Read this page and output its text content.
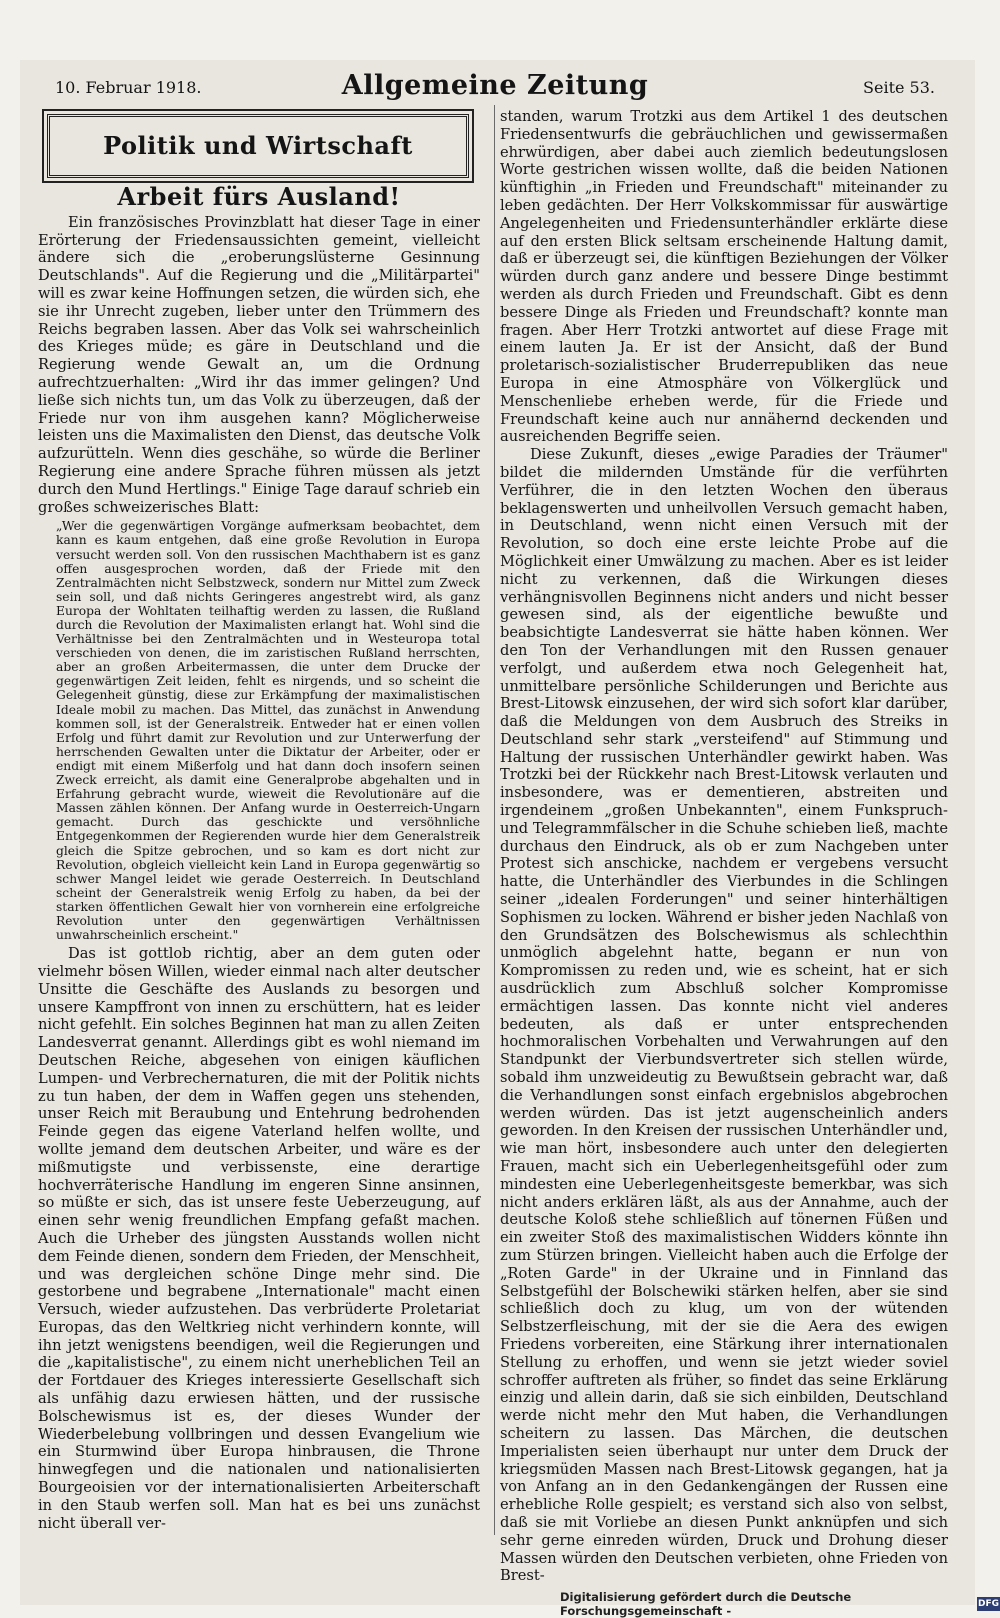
10. Februar 1918.	Allgemeine Zeitung	Seite 53.
Politik und Wirtschaft
Arbeit fürs Ausland!

Ein französisches Provinzblatt hat dieser Tage in einer Erörterung der Friedensaussichten gemeint, vielleicht ändere sich die „eroberungslüsterne Gesinnung Deutschlands". Auf die Regierung und die „Militärpartei" will es zwar keine Hoffnungen setzen, die würden sich, ehe sie ihr Unrecht zugeben, lieber unter den Trümmern des Reichs begraben lassen. Aber das Volk sei wahrscheinlich des Krieges müde; es gäre in Deutschland und die Regierung wende Gewalt an, um die Ordnung aufrechtzuerhalten: „Wird ihr das immer gelingen? Und ließe sich nichts tun, um das Volk zu überzeugen, daß der Friede nur von ihm ausgehen kann? Möglicherweise leisten uns die Maximalisten den Dienst, das deutsche Volk aufzurütteln. Wenn dies geschähe, so würde die Berliner Regierung eine andere Sprache führen müssen als jetzt durch den Mund Hertlings." Einige Tage darauf schrieb ein großes schweizerisches Blatt:

„Wer die gegenwärtigen Vorgänge aufmerksam beobachtet, dem kann es kaum entgehen, daß eine große Revolution in Europa versucht werden soll. Von den russischen Machthabern ist es ganz offen ausgesprochen worden, daß der Friede mit den Zentralmächten nicht Selbstzweck, sondern nur Mittel zum Zweck sein soll, und daß nichts Geringeres angestrebt wird, als ganz Europa der Wohltaten teilhaftig werden zu lassen, die Rußland durch die Revolution der Maximalisten erlangt hat. Wohl sind die Verhältnisse bei den Zentralmächten und in Westeuropa total verschieden von denen, die im zaristischen Rußland herrschten, aber an großen Arbeitermassen, die unter dem Drucke der gegenwärtigen Zeit leiden, fehlt es nirgends, und so scheint die Gelegenheit günstig, diese zur Erkämpfung der maximalistischen Ideale mobil zu machen. Das Mittel, das zunächst in Anwendung kommen soll, ist der Generalstreik. Entweder hat er einen vollen Erfolg und führt damit zur Revolution und zur Unterwerfung der herrschenden Gewalten unter die Diktatur der Arbeiter, oder er endigt mit einem Mißerfolg und hat dann doch insofern seinen Zweck erreicht, als damit eine Generalprobe abgehalten und in Erfahrung gebracht wurde, wieweit die Revolutionäre auf die Massen zählen können. Der Anfang wurde in Oesterreich-Ungarn gemacht. Durch das geschickte und versöhnliche Entgegenkommen der Regierenden wurde hier dem Generalstreik gleich die Spitze gebrochen, und so kam es dort nicht zur Revolution, obgleich vielleicht kein Land in Europa gegenwärtig so schwer Mangel leidet wie gerade Oesterreich. In Deutschland scheint der Generalstreik wenig Erfolg zu haben, da bei der starken öffentlichen Gewalt hier von vornherein eine erfolgreiche Revolution unter den gegenwärtigen Verhältnissen unwahrscheinlich erscheint."

Das ist gottlob richtig, aber an dem guten oder vielmehr bösen Willen, wieder einmal nach alter deutscher Unsitte die Geschäfte des Auslands zu besorgen und unsere Kampffront von innen zu erschüttern, hat es leider nicht gefehlt. Ein solches Beginnen hat man zu allen Zeiten Landesverrat genannt. Allerdings gibt es wohl niemand im Deutschen Reiche, abgesehen von einigen käuflichen Lumpen- und Verbrechernaturen, die mit der Politik nichts zu tun haben, der dem in Waffen gegen uns stehenden, unser Reich mit Beraubung und Entehrung bedrohenden Feinde gegen das eigene Vaterland helfen wollte, und wollte jemand dem deutschen Arbeiter, und wäre es der mißmutigste und verbissenste, eine derartige hochverräterische Handlung im engeren Sinne ansinnen, so müßte er sich, das ist unsere feste Ueberzeugung, auf einen sehr wenig freundlichen Empfang gefaßt machen. Auch die Urheber des jüngsten Ausstands wollen nicht dem Feinde dienen, sondern dem Frieden, der Menschheit, und was dergleichen schöne Dinge mehr sind. Die gestorbene und begrabene „Internationale" macht einen Versuch, wieder aufzustehen. Das verbrüderte Proletariat Europas, das den Weltkrieg nicht verhindern konnte, will ihn jetzt wenigstens beendigen, weil die Regierungen und die „kapitalistische", zu einem nicht unerheblichen Teil an der Fortdauer des Krieges interessierte Gesellschaft sich als unfähig dazu erwiesen hätten, und der russische Bolschewismus ist es, der dieses Wunder der Wiederbelebung vollbringen und dessen Evangelium wie ein Sturmwind über Europa hinbrausen, die Throne hinwegfegen und die nationalen und nationalisierten Bourgeoisien vor der internationalisierten Arbeiterschaft in den Staub werfen soll. Man hat es bei uns zunächst nicht überall ver-

standen, warum Trotzki aus dem Artikel 1 des deutschen Friedensentwurfs die gebräuchlichen und gewissermaßen ehrwürdigen, aber dabei auch ziemlich bedeutungslosen Worte gestrichen wissen wollte, daß die beiden Nationen künftighin „in Frieden und Freundschaft" miteinander zu leben gedächten. Der Herr Volkskommissar für auswärtige Angelegenheiten und Friedensunterhändler erklärte diese auf den ersten Blick seltsam erscheinende Haltung damit, daß er überzeugt sei, die künftigen Beziehungen der Völker würden durch ganz andere und bessere Dinge bestimmt werden als durch Frieden und Freundschaft. Gibt es denn bessere Dinge als Frieden und Freundschaft? konnte man fragen. Aber Herr Trotzki antwortet auf diese Frage mit einem lauten Ja. Er ist der Ansicht, daß der Bund proletarisch-sozialistischer Bruderrepubliken das neue Europa in eine Atmosphäre von Völkerglück und Menschenliebe erheben werde, für die Friede und Freundschaft keine auch nur annähernd deckenden und ausreichenden Begriffe seien.

Diese Zukunft, dieses „ewige Paradies der Träumer" bildet die mildernden Umstände für die verführten Verführer, die in den letzten Wochen den überaus beklagenswerten und unheilvollen Versuch gemacht haben, in Deutschland, wenn nicht einen Versuch mit der Revolution, so doch eine erste leichte Probe auf die Möglichkeit einer Umwälzung zu machen. Aber es ist leider nicht zu verkennen, daß die Wirkungen dieses verhängnisvollen Beginnens nicht anders und nicht besser gewesen sind, als der eigentliche bewußte und beabsichtigte Landesverrat sie hätte haben können. Wer den Ton der Verhandlungen mit den Russen genauer verfolgt, und außerdem etwa noch Gelegenheit hat, unmittelbare persönliche Schilderungen und Berichte aus Brest-Litowsk einzusehen, der wird sich sofort klar darüber, daß die Meldungen von dem Ausbruch des Streiks in Deutschland sehr stark „versteifend" auf Stimmung und Haltung der russischen Unterhändler gewirkt haben. Was Trotzki bei der Rückkehr nach Brest-Litowsk verlauten und insbesondere, was er dementieren, abstreiten und irgendeinem „großen Unbekannten", einem Funkspruch- und Telegrammfälscher in die Schuhe schieben ließ, machte durchaus den Eindruck, als ob er zum Nachgeben unter Protest sich anschicke, nachdem er vergebens versucht hatte, die Unterhändler des Vierbundes in die Schlingen seiner „idealen Forderungen" und seiner hinterhältigen Sophismen zu locken. Während er bisher jeden Nachlaß von den Grundsätzen des Bolschewismus als schlechthin unmöglich abgelehnt hatte, begann er nun von Kompromissen zu reden und, wie es scheint, hat er sich ausdrücklich zum Abschluß solcher Kompromisse ermächtigen lassen. Das konnte nicht viel anderes bedeuten, als daß er unter entsprechenden hochmoralischen Vorbehalten und Verwahrungen auf den Standpunkt der Vierbundsvertreter sich stellen würde, sobald ihm unzweideutig zu Bewußtsein gebracht war, daß die Verhandlungen sonst einfach ergebnislos abgebrochen werden würden. Das ist jetzt augenscheinlich anders geworden. In den Kreisen der russischen Unterhändler und, wie man hört, insbesondere auch unter den delegierten Frauen, macht sich ein Ueberlegenheitsgefühl oder zum mindesten eine Ueberlegenheitsgeste bemerkbar, was sich nicht anders erklären läßt, als aus der Annahme, auch der deutsche Koloß stehe schließlich auf tönernen Füßen und ein zweiter Stoß des maximalistischen Widders könnte ihn zum Stürzen bringen. Vielleicht haben auch die Erfolge der „Roten Garde" in der Ukraine und in Finnland das Selbstgefühl der Bolschewiki stärken helfen, aber sie sind schließlich doch zu klug, um von der wütenden Selbstzerfleischung, mit der sie die Aera des ewigen Friedens vorbereiten, eine Stärkung ihrer internationalen Stellung zu erhoffen, und wenn sie jetzt wieder soviel schroffer auftreten als früher, so findet das seine Erklärung einzig und allein darin, daß sie sich einbilden, Deutschland werde nicht mehr den Mut haben, die Verhandlungen scheitern zu lassen. Das Märchen, die deutschen Imperialisten seien überhaupt nur unter dem Druck der kriegsmüden Massen nach Brest-Litowsk gegangen, hat ja von Anfang an in den Gedankengängen der Russen eine erhebliche Rolle gespielt; es verstand sich also von selbst, daß sie mit Vorliebe an diesen Punkt anknüpfen und sich sehr gerne einreden würden, Druck und Drohung dieser Massen würden den Deutschen verbieten, ohne Frieden von Brest-

Digitalisierung gefördert durch die Deutsche Forschungsgemeinschaft -	DFG
